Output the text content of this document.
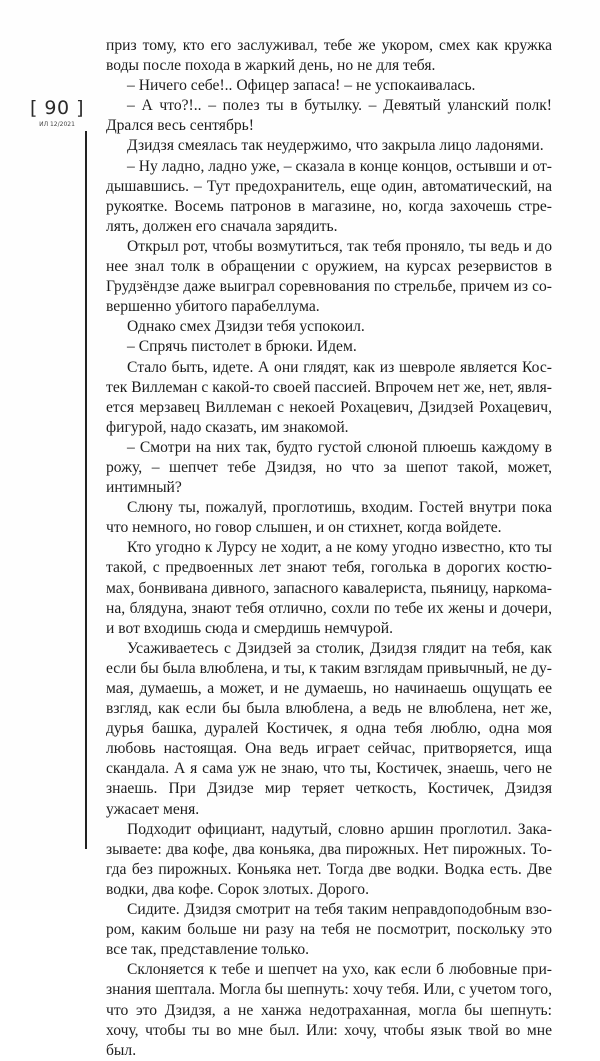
[ 90 ]
ИЛ 12/2021

приз тому, кто его заслуживал, тебе же укором, смех как кружка воды после похода в жаркий день, но не для тебя.

– Ничего себе!.. Офицер запаса! – не успокаивалась.

– А что?!.. – полез ты в бутылку. – Девятый уланский полк! Дрался весь сентябрь!

Дзидзя смеялась так неудержимо, что закрыла лицо ладонями.

– Ну ладно, ладно уже, – сказала в конце концов, остывши и отдышавшись. – Тут предохранитель, еще один, автоматический, на рукоятке. Восемь патронов в магазине, но, когда захочешь стрелять, должен его сначала зарядить.

Открыл рот, чтобы возмутиться, так тебя проняло, ты ведь и до нее знал толк в обращении с оружием, на курсах резервистов в Грудзёндзе даже выиграл соревнования по стрельбе, причем из совершенно убитого парабеллума.

Однако смех Дзидзи тебя успокоил.

– Спрячь пистолет в брюки. Идем.

Стало быть, идете. А они глядят, как из шевроле является Костек Виллеман с какой-то своей пассией. Впрочем нет же, нет, является мерзавец Виллеман с некоей Рохацевич, Дзидзей Рохацевич, фигурой, надо сказать, им знакомой.

– Смотри на них так, будто густой слюной плюешь каждому в рожу, – шепчет тебе Дзидзя, но что за шепот такой, может, интимный?

Слюну ты, пожалуй, проглотишь, входим. Гостей внутри пока что немного, но говор слышен, и он стихнет, когда войдете.

Кто угодно к Лурсу не ходит, а не кому угодно известно, кто ты такой, с предвоенных лет знают тебя, гоголька в дорогих костюмах, бонвивана дивного, запасного кавалериста, пьяницу, наркомана, блядуна, знают тебя отлично, сохли по тебе их жены и дочери, и вот входишь сюда и смердишь немчурой.

Усаживаетесь с Дзидзей за столик, Дзидзя глядит на тебя, как если бы была влюблена, и ты, к таким взглядам привычный, не думая, думаешь, а может, и не думаешь, но начинаешь ощущать ее взгляд, как если бы была влюблена, а ведь не влюблена, нет же, дурья башка, дуралей Костичек, я одна тебя люблю, одна моя любовь настоящая. Она ведь играет сейчас, притворяется, ища скандала. А я сама уж не знаю, что ты, Костичек, знаешь, чего не знаешь. При Дзидзе мир теряет четкость, Костичек, Дзидзя ужасает меня.

Подходит официант, надутый, словно аршин проглотил. Заказываете: два кофе, два коньяка, два пирожных. Нет пирожных. Тогда без пирожных. Коньяка нет. Тогда две водки. Водка есть. Две водки, два кофе. Сорок злотых. Дорого.

Сидите. Дзидзя смотрит на тебя таким неправдоподобным взором, каким больше ни разу на тебя не посмотрит, поскольку это все так, представление только.

Склоняется к тебе и шепчет на ухо, как если б любовные признания шептала. Могла бы шепнуть: хочу тебя. Или, с учетом того, что это Дзидзя, а не ханжа недотраханная, могла бы шепнуть: хочу, чтобы ты во мне был. Или: хочу, чтобы язык твой во мне был.
